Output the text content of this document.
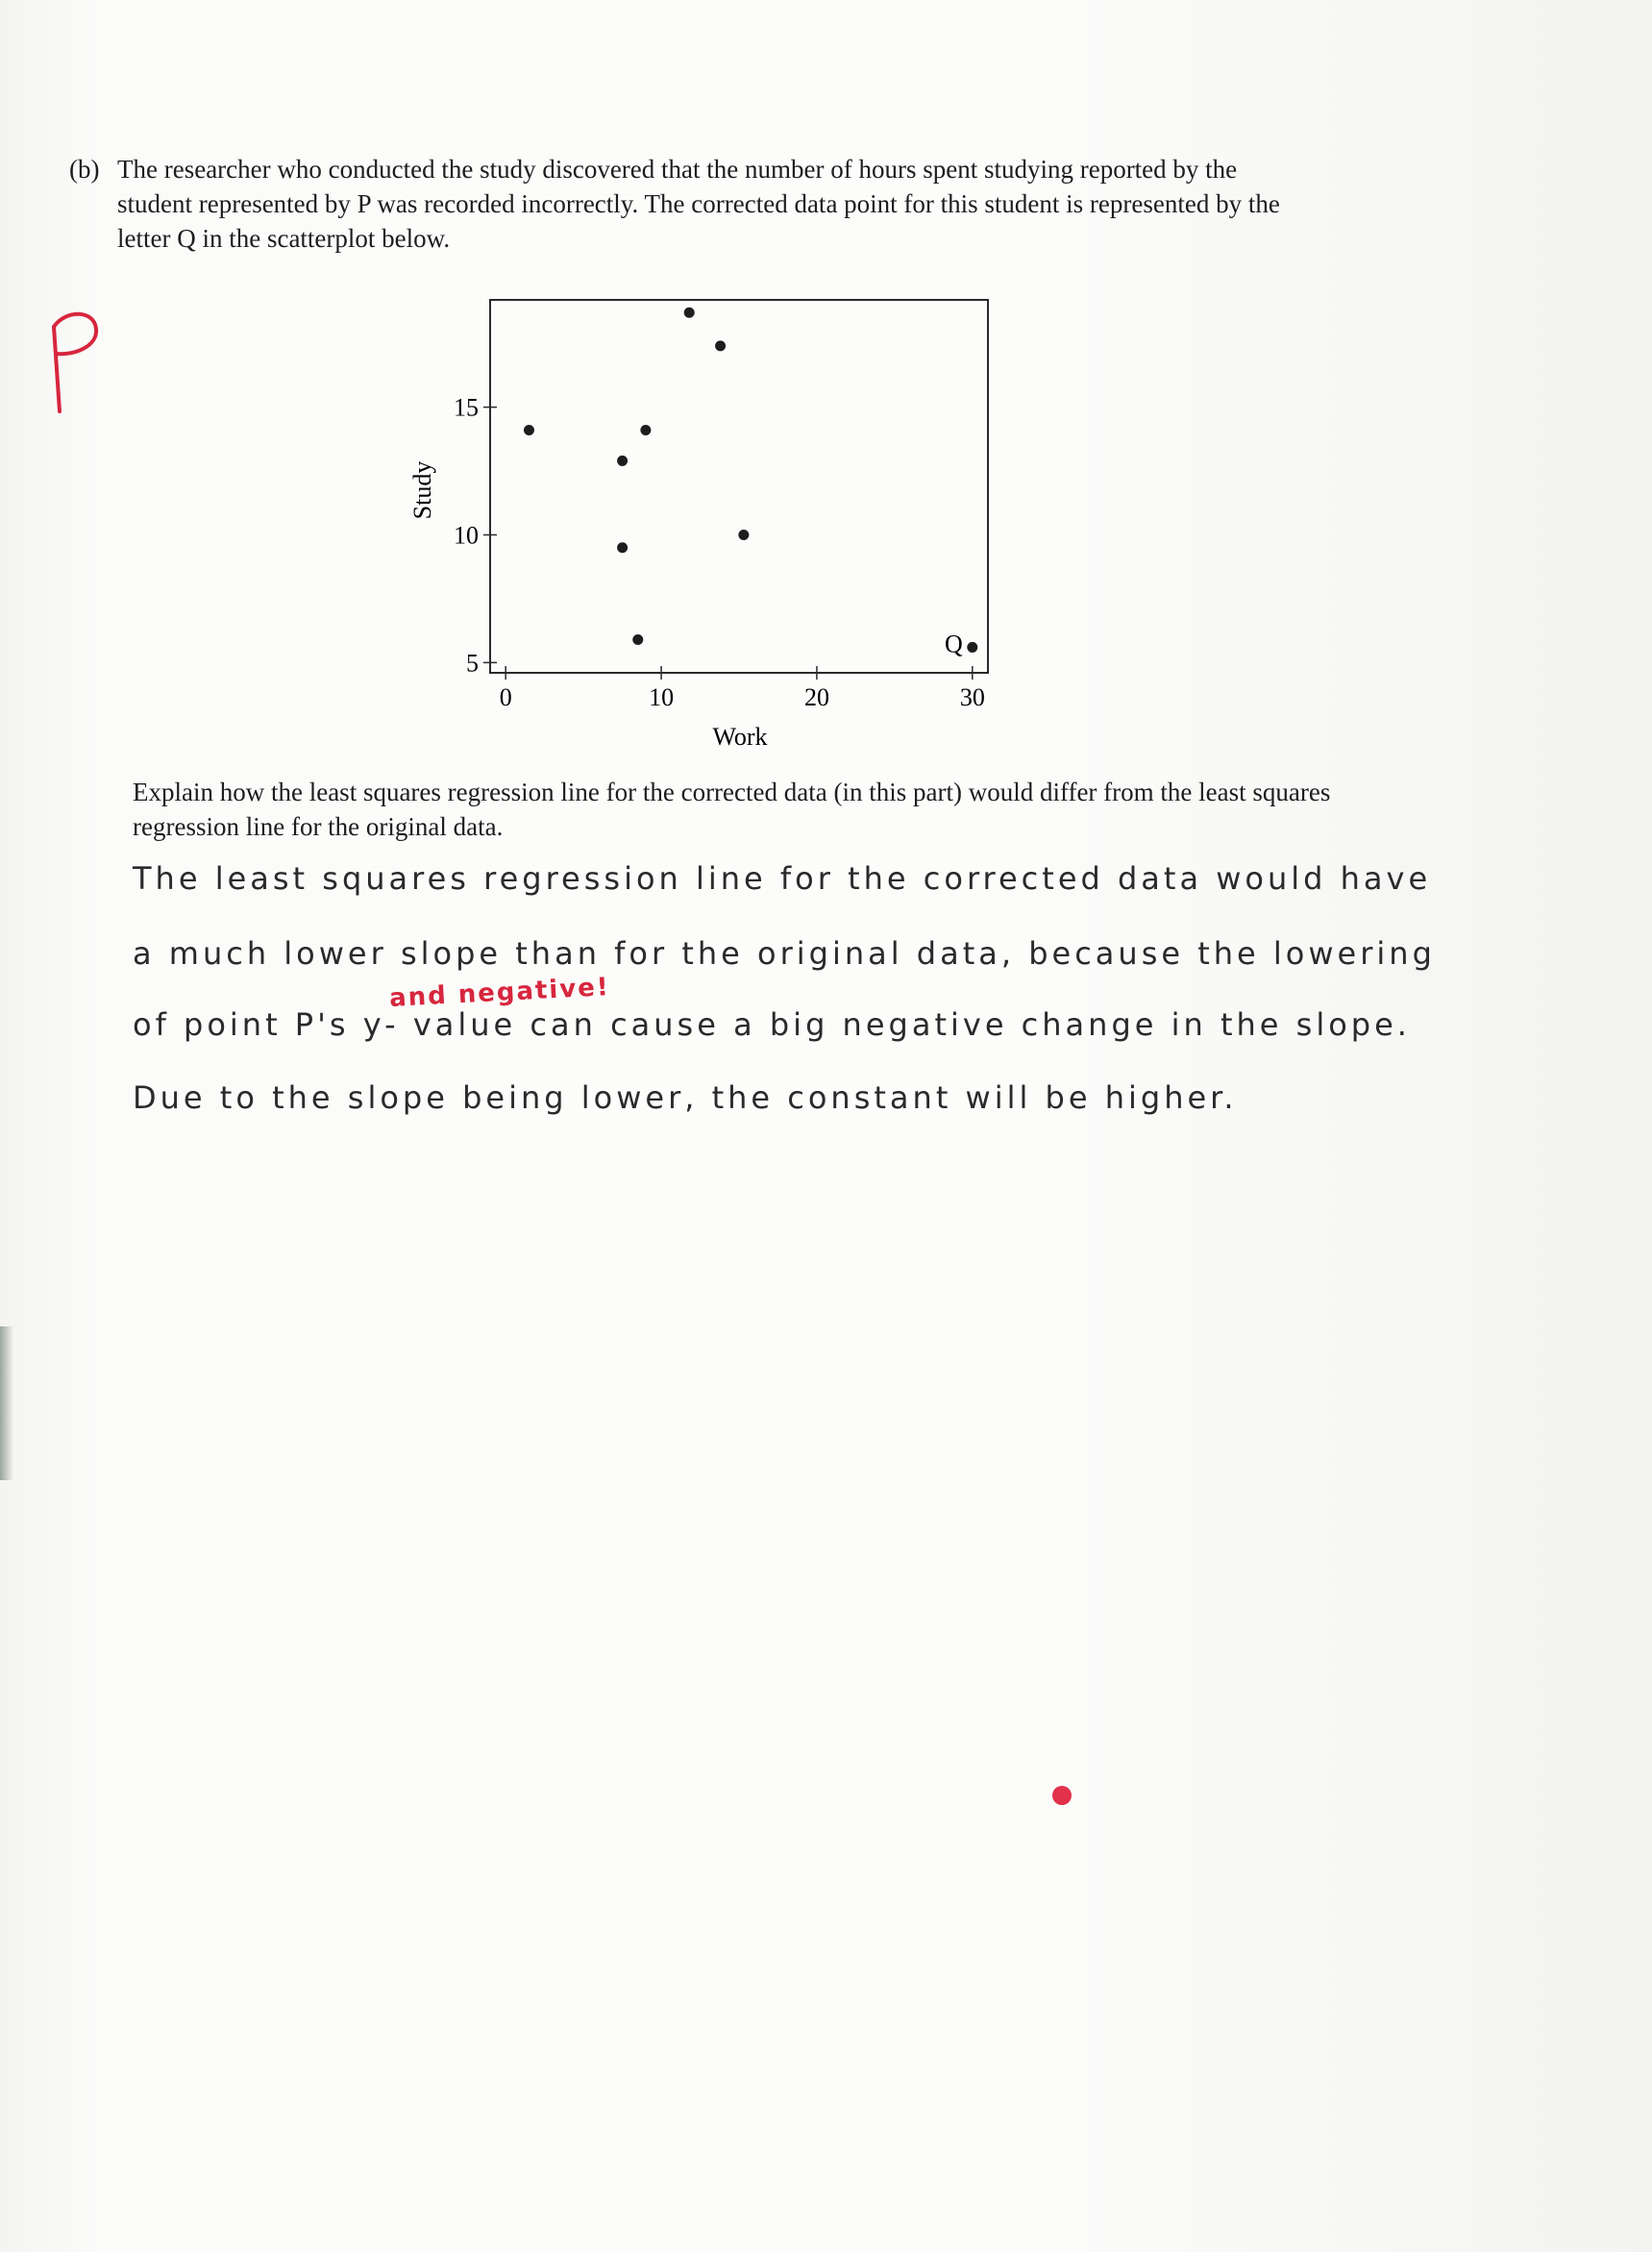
(b) The researcher who conducted the study discovered that the number of hours spent studying reported by the student represented by P was recorded incorrectly. The corrected data point for this student is represented by the letter Q in the scatterplot below.
Study
Work
0	10	20	30
5
10
15
Q
Explain how the least squares regression line for the corrected data (in this part) would differ from the least squares regression line for the original data.
The least squares regression line for the corrected data would have
a much lower slope than for the original data, because the lowering
of point P's y- value can cause a big negative change in the slope.
Due to the slope being lower, the constant will be higher.
and negative!
